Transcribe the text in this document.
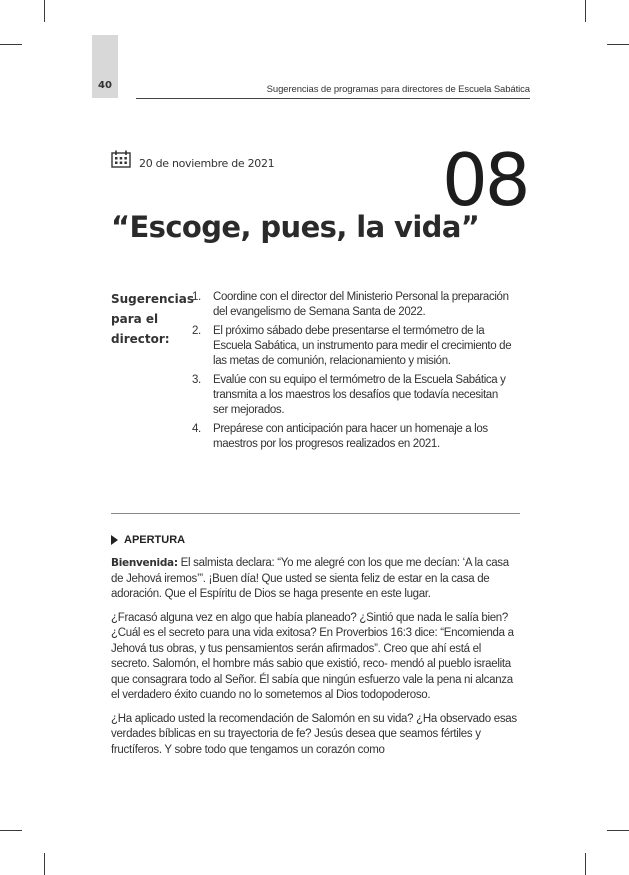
40	Sugerencias de programas para directores de Escuela Sabática
20 de noviembre de 2021 08
“Escoge, pues, la vida”
Sugerencias para el director:
1.	Coordine con el director del Ministerio Personal la preparación del evangelismo de Semana Santa de 2022.
2.	El próximo sábado debe presentarse el termómetro de la Escuela Sabática, un instrumento para medir el crecimiento de las metas de comunión, relacionamiento y misión.
3.	Evalúe con su equipo el termómetro de la Escuela Sabática y transmita a los maestros los desafíos que todavía necesitan ser mejorados.
4.	Prepárese con anticipación para hacer un homenaje a los maestros por los progresos realizados en 2021.
APERTURA

Bienvenida: El salmista declara: “Yo me alegré con los que me decían: ‘A la casa de Jehová iremos’”. ¡Buen día! Que usted se sienta feliz de estar en la casa de adoración. Que el Espíritu de Dios se haga presente en este lugar.

¿Fracasó alguna vez en algo que había planeado? ¿Sintió que nada le salía bien? ¿Cuál es el secreto para una vida exitosa? En Proverbios 16:3 dice: “Encomienda a Jehová tus obras, y tus pensamientos serán afirmados”. Creo que ahí está el secreto. Salomón, el hombre más sabio que existió, reco- mendó al pueblo israelita que consagrara todo al Señor. Él sabía que ningún esfuerzo vale la pena ni alcanza el verdadero éxito cuando no lo sometemos al Dios todopoderoso.

¿Ha aplicado usted la recomendación de Salomón en su vida? ¿Ha observado esas verdades bíblicas en su trayectoria de fe? Jesús desea que seamos fértiles y fructíferos. Y sobre todo que tengamos un corazón como
